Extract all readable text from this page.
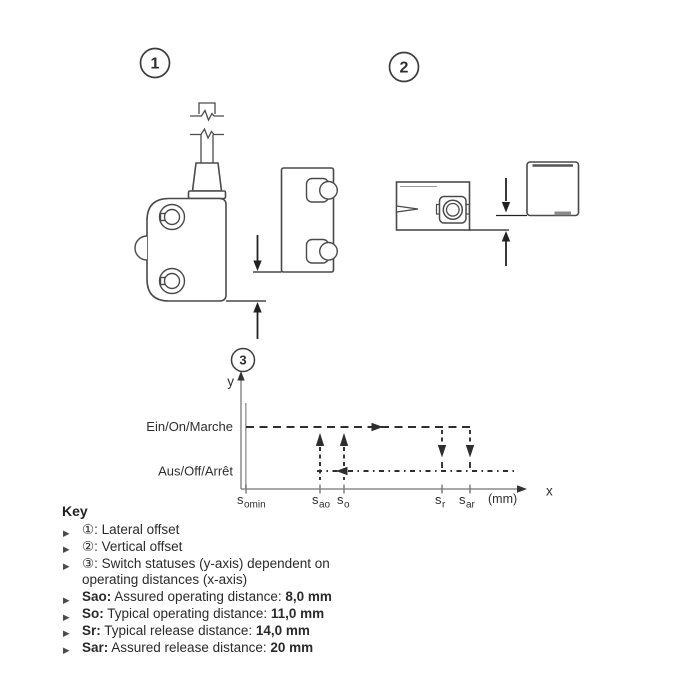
1	2
3
y
x
Ein/On/Marche
Aus/Off/Arrêt
s omin	s ao s o	s r s ar (mm)

Key

▶ ①: Lateral offset
▶ ②: Vertical offset
▶ ③: Switch statuses (y-axis) dependent on
operating distances (x-axis)
▶ Sao: Assured operating distance: 8,0 mm
▶ So: Typical operating distance: 11,0 mm
▶ Sr: Typical release distance: 14,0 mm
▶ Sar: Assured release distance: 20 mm
